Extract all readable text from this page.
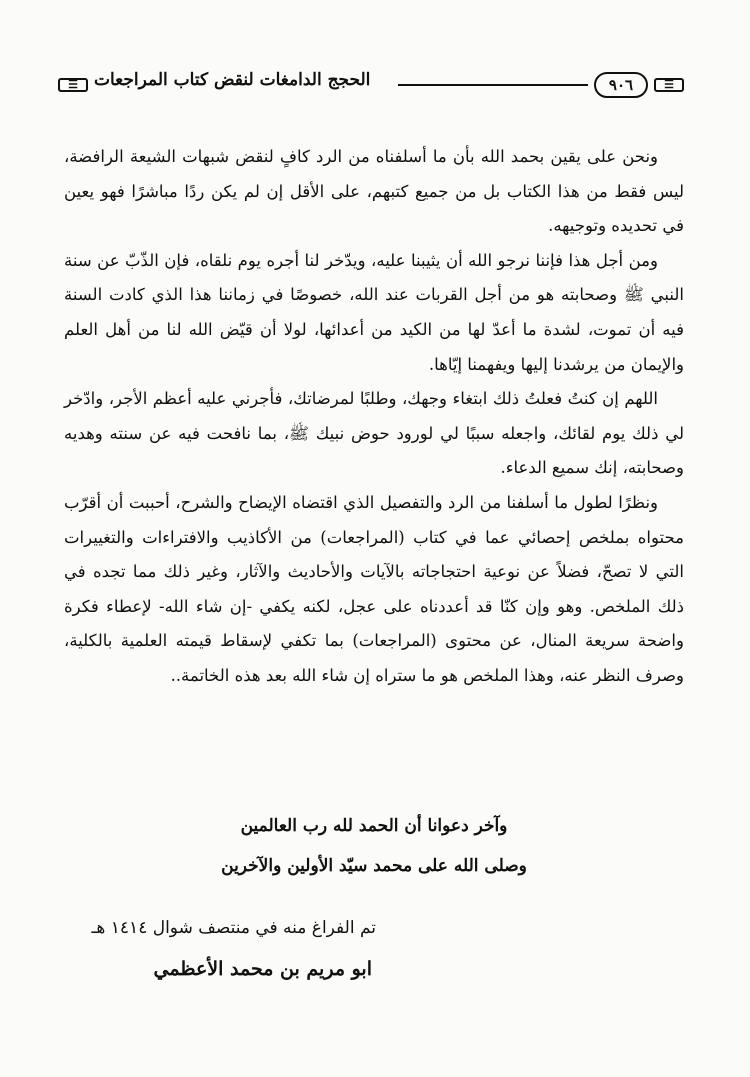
☰
٩٠٦
الحجج الدامغات لنقض كتاب المراجعات
☰

ونحن على يقين بحمد الله بأن ما أسلفناه من الرد كافٍ لنقض شبهات الشيعة الرافضة، ليس فقط من هذا الكتاب بل من جميع كتبهم، على الأقل إن لم يكن ردًا مباشرًا فهو يعين في تحديده وتوجيهه.

ومن أجل هذا فإننا نرجو الله أن يثيبنا عليه، ويدّخر لنا أجره يوم نلقاه، فإن الذّبّ عن سنة النبي ﷺ وصحابته هو من أجل القربات عند الله، خصوصًا في زماننا هذا الذي كادت السنة فيه أن تموت، لشدة ما أعدّ لها من الكيد من أعدائها، لولا أن قيّض الله لنا من أهل العلم والإيمان من يرشدنا إليها ويفهمنا إيّاها.

اللهم إن كنتُ فعلتُ ذلك ابتغاء وجهك، وطلبًا لمرضاتك، فأجرني عليه أعظم الأجر، وادّخر لي ذلك يوم لقائك، واجعله سببًا لي لورود حوض نبيك ﷺ، بما نافحت فيه عن سنته وهديه وصحابته، إنك سميع الدعاء.

ونظرًا لطول ما أسلفنا من الرد والتفصيل الذي اقتضاه الإيضاح والشرح، أحببت أن أقرّب محتواه بملخص إحصائي عما في كتاب (المراجعات) من الأكاذيب والافتراءات والتغييرات التي لا تصحّ، فضلاً عن نوعية احتجاجاته بالآيات والأحاديث والآثار، وغير ذلك مما تجده في ذلك الملخص. وهو وإن كنّا قد أعددناه على عجل، لكنه يكفي -إن شاء الله- لإعطاء فكرة واضحة سريعة المنال، عن محتوى (المراجعات) بما تكفي لإسقاط قيمته العلمية بالكلية، وصرف النظر عنه، وهذا الملخص هو ما ستراه إن شاء الله بعد هذه الخاتمة..

وآخر دعوانا أن الحمد لله رب العالمين
وصلى الله على محمد سيّد الأولين والآخرين
تم الفراغ منه في منتصف شوال ١٤١٤ هـ
ابو مريم بن محمد الأعظمي
